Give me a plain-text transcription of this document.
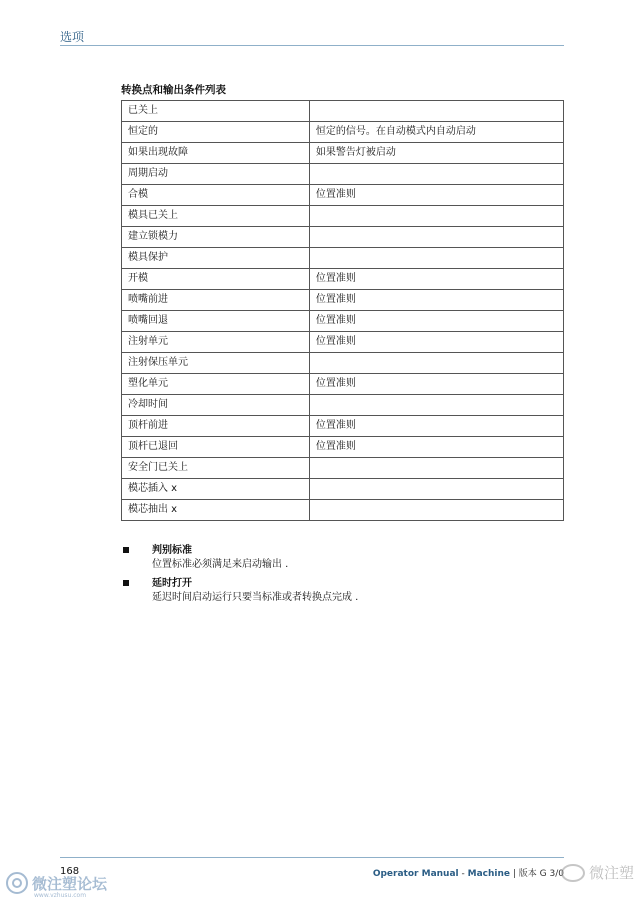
选项
转换点和输出条件列表
已关上	
恒定的	恒定的信号。在自动模式内自动启动
如果出现故障	如果警告灯被启动
周期启动	
合模	位置准则
模具已关上	
建立锁模力	
模具保护	
开模	位置准则
喷嘴前进	位置准则
喷嘴回退	位置准则
注射单元	位置准则
注射保压单元	
塑化单元	位置准则
冷却时间	
顶杆前进	位置准则
顶杆已退回	位置准则
安全门已关上	
模芯插入 x	
模芯抽出 x	
判别标准
位置标准必须满足来启动输出 .
延时打开
延迟时间启动运行只要当标准或者转换点完成 .
168	Operator Manual - Machine | 版本 G 3/0
微注塑论坛
www.vzhusu.com
微注塑
